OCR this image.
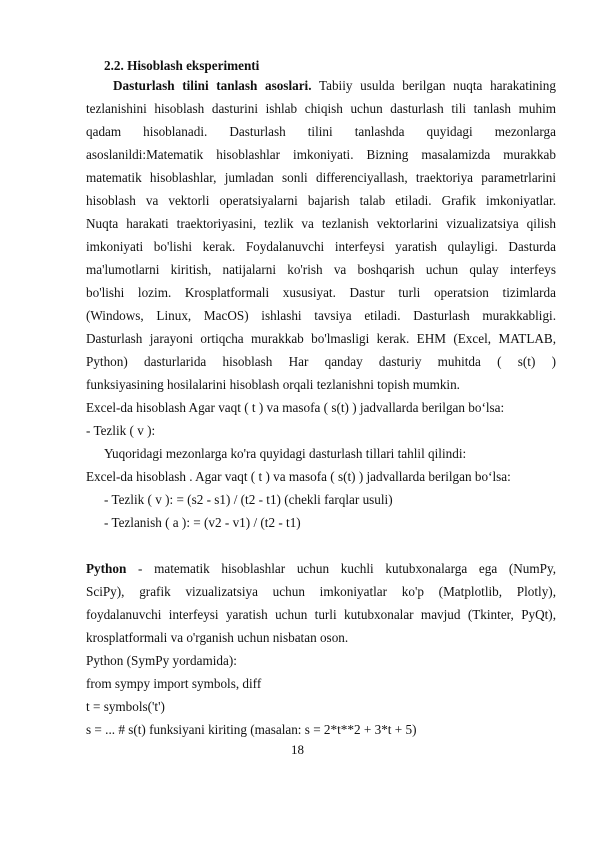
2.2. Hisoblash eksperimenti
Dasturlash tilini tanlash asoslari. Tabiiy usulda berilgan nuqta harakatining
tezlanishini hisoblash dasturini ishlab chiqish uchun dasturlash tili tanlash muhim
qadam hisoblanadi. Dasturlash tilini tanlashda quyidagi mezonlarga
asoslanildi:Matematik hisoblashlar imkoniyati. Bizning masalamizda murakkab
matematik hisoblashlar, jumladan sonli differenciyallash, traektoriya parametrlarini
hisoblash va vektorli operatsiyalarni bajarish talab etiladi. Grafik imkoniyatlar.
Nuqta harakati traektoriyasini, tezlik va tezlanish vektorlarini vizualizatsiya qilish
imkoniyati bo'lishi kerak. Foydalanuvchi interfeysi yaratish qulayligi. Dasturda
ma'lumotlarni kiritish, natijalarni ko'rish va boshqarish uchun qulay interfeys
bo'lishi lozim. Krosplatformali xususiyat. Dastur turli operatsion tizimlarda
(Windows, Linux, MacOS) ishlashi tavsiya etiladi. Dasturlash murakkabligi.
Dasturlash jarayoni ortiqcha murakkab bo'lmasligi kerak. EHM (Excel, MATLAB,
Python) dasturlarida hisoblash Har qanday dasturiy muhitda ( s(t) )
funksiyasining hosilalarini hisoblash orqali tezlanishni topish mumkin.
Excel-da hisoblash Agar vaqt ( t ) va masofa ( s(t) ) jadvallarda berilgan bo‘lsa:
- Tezlik ( v ):
Yuqoridagi mezonlarga ko'ra quyidagi dasturlash tillari tahlil qilindi:
Excel-da hisoblash . Agar vaqt ( t ) va masofa ( s(t) ) jadvallarda berilgan bo‘lsa:
- Tezlik ( v ): = (s2 - s1) / (t2 - t1) (chekli farqlar usuli)
- Tezlanish ( a ): = (v2 - v1) / (t2 - t1)
Python - matematik hisoblashlar uchun kuchli kutubxonalarga ega (NumPy,
SciPy), grafik vizualizatsiya uchun imkoniyatlar ko'p (Matplotlib, Plotly),
foydalanuvchi interfeysi yaratish uchun turli kutubxonalar mavjud (Tkinter, PyQt),
krosplatformali va o'rganish uchun nisbatan oson.
Python (SymPy yordamida):
from sympy import symbols, diff
t = symbols('t')
s = ... # s(t) funksiyani kiriting (masalan: s = 2*t**2 + 3*t + 5)
18
